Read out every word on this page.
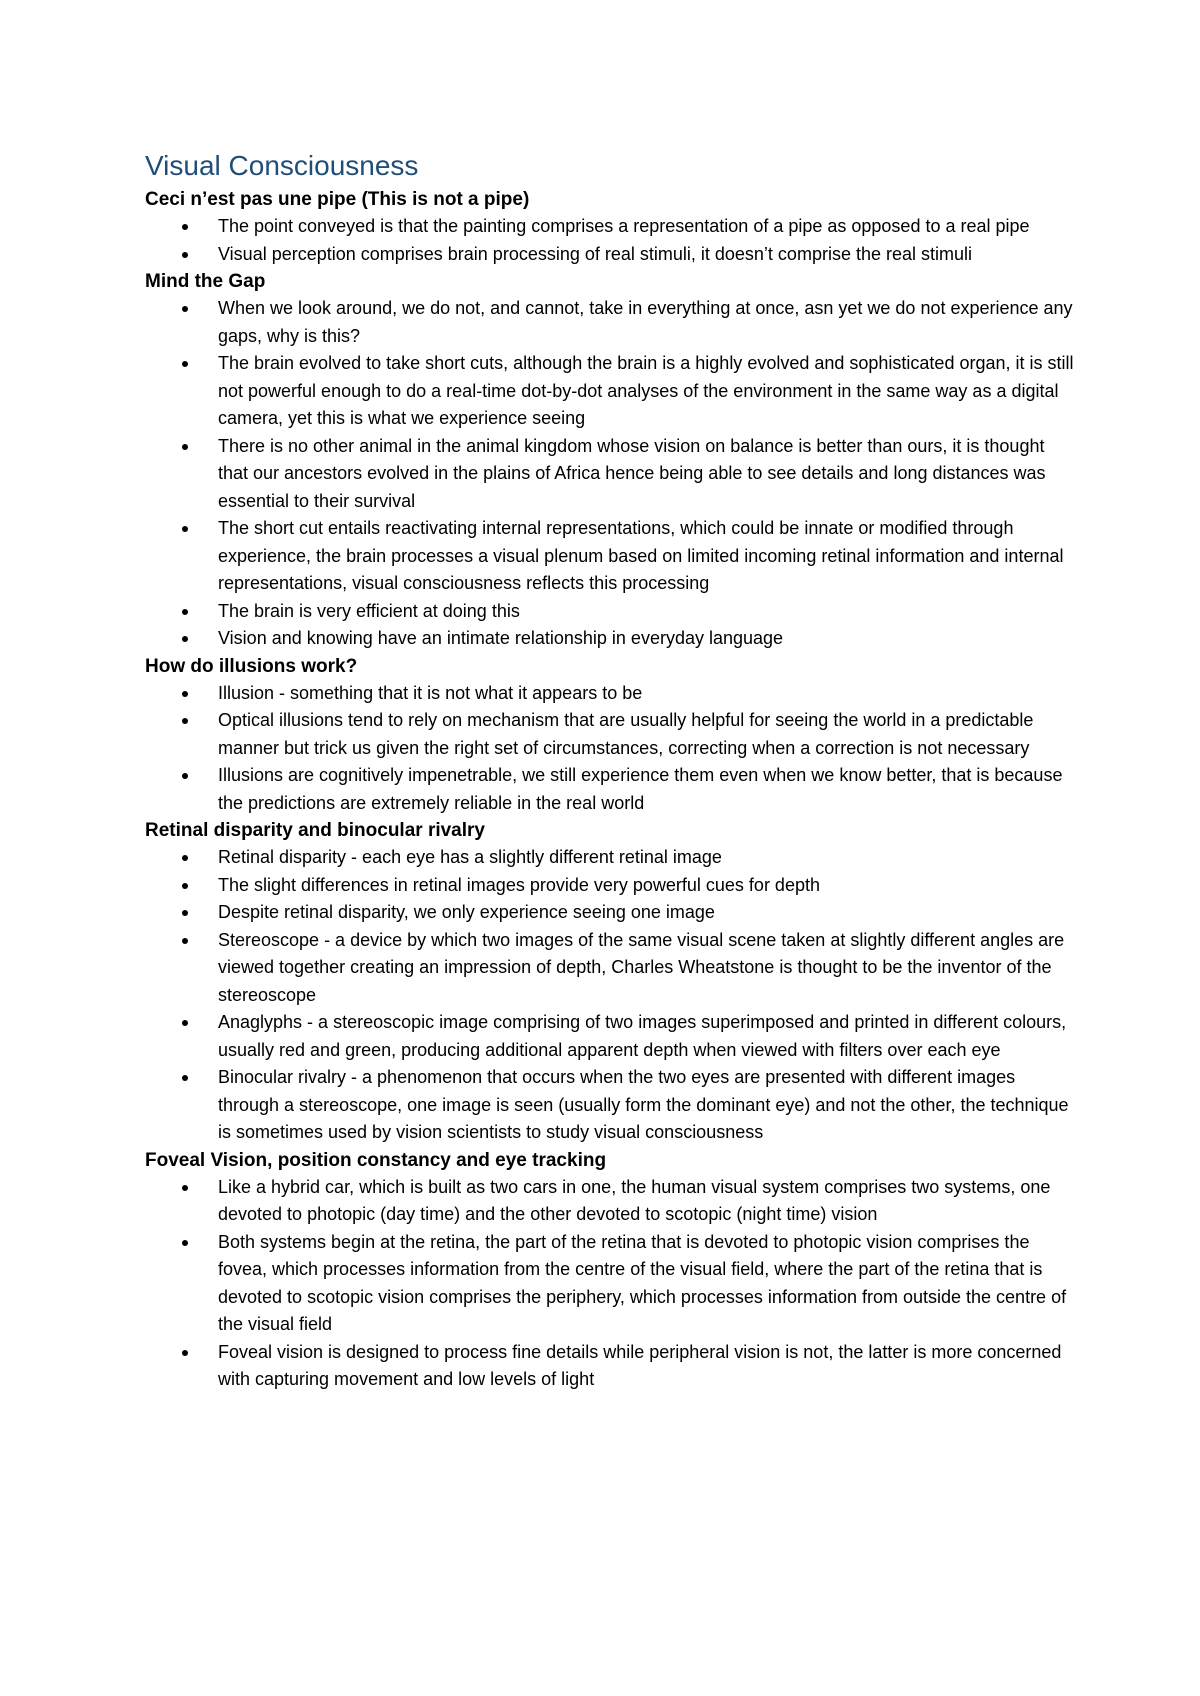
Visual Consciousness
Ceci n’est pas une pipe (This is not a pipe)
The point conveyed is that the painting comprises a representation of a pipe as opposed to a real pipe
Visual perception comprises brain processing of real stimuli, it doesn’t comprise the real stimuli
Mind the Gap
When we look around, we do not, and cannot, take in everything at once, asn yet we do not experience any gaps, why is this?
The brain evolved to take short cuts, although the brain is a highly evolved and sophisticated organ, it is still not powerful enough to do a real-time dot-by-dot analyses of the environment in the same way as a digital camera, yet this is what we experience seeing
There is no other animal in the animal kingdom whose vision on balance is better than ours, it is thought that our ancestors evolved in the plains of Africa hence being able to see details and long distances was essential to their survival
The short cut entails reactivating internal representations, which could be innate or modified through experience, the brain processes a visual plenum based on limited incoming retinal information and internal representations, visual consciousness reflects this processing
The brain is very efficient at doing this
Vision and knowing have an intimate relationship in everyday language
How do illusions work?
Illusion - something that it is not what it appears to be
Optical illusions tend to rely on mechanism that are usually helpful for seeing the world in a predictable manner but trick us given the right set of circumstances, correcting when a correction is not necessary
Illusions are cognitively impenetrable, we still experience them even when we know better, that is because the predictions are extremely reliable in the real world
Retinal disparity and binocular rivalry
Retinal disparity - each eye has a slightly different retinal image
The slight differences in retinal images provide very powerful cues for depth
Despite retinal disparity, we only experience seeing one image
Stereoscope - a device by which two images of the same visual scene taken at slightly different angles are viewed together creating an impression of depth, Charles Wheatstone is thought to be the inventor of the stereoscope
Anaglyphs - a stereoscopic image comprising of two images superimposed and printed in different colours, usually red and green, producing additional apparent depth when viewed with filters over each eye
Binocular rivalry - a phenomenon that occurs when the two eyes are presented with different images through a stereoscope, one image is seen (usually form the dominant eye) and not the other, the technique is sometimes used by vision scientists to study visual consciousness
Foveal Vision, position constancy and eye tracking
Like a hybrid car, which is built as two cars in one, the human visual system comprises two systems, one devoted to photopic (day time) and the other devoted to scotopic (night time) vision
Both systems begin at the retina, the part of the retina that is devoted to photopic vision comprises the fovea, which processes information from the centre of the visual field, where the part of the retina that is devoted to scotopic vision comprises the periphery, which processes information from outside the centre of the visual field
Foveal vision is designed to process fine details while peripheral vision is not, the latter is more concerned with capturing movement and low levels of light
